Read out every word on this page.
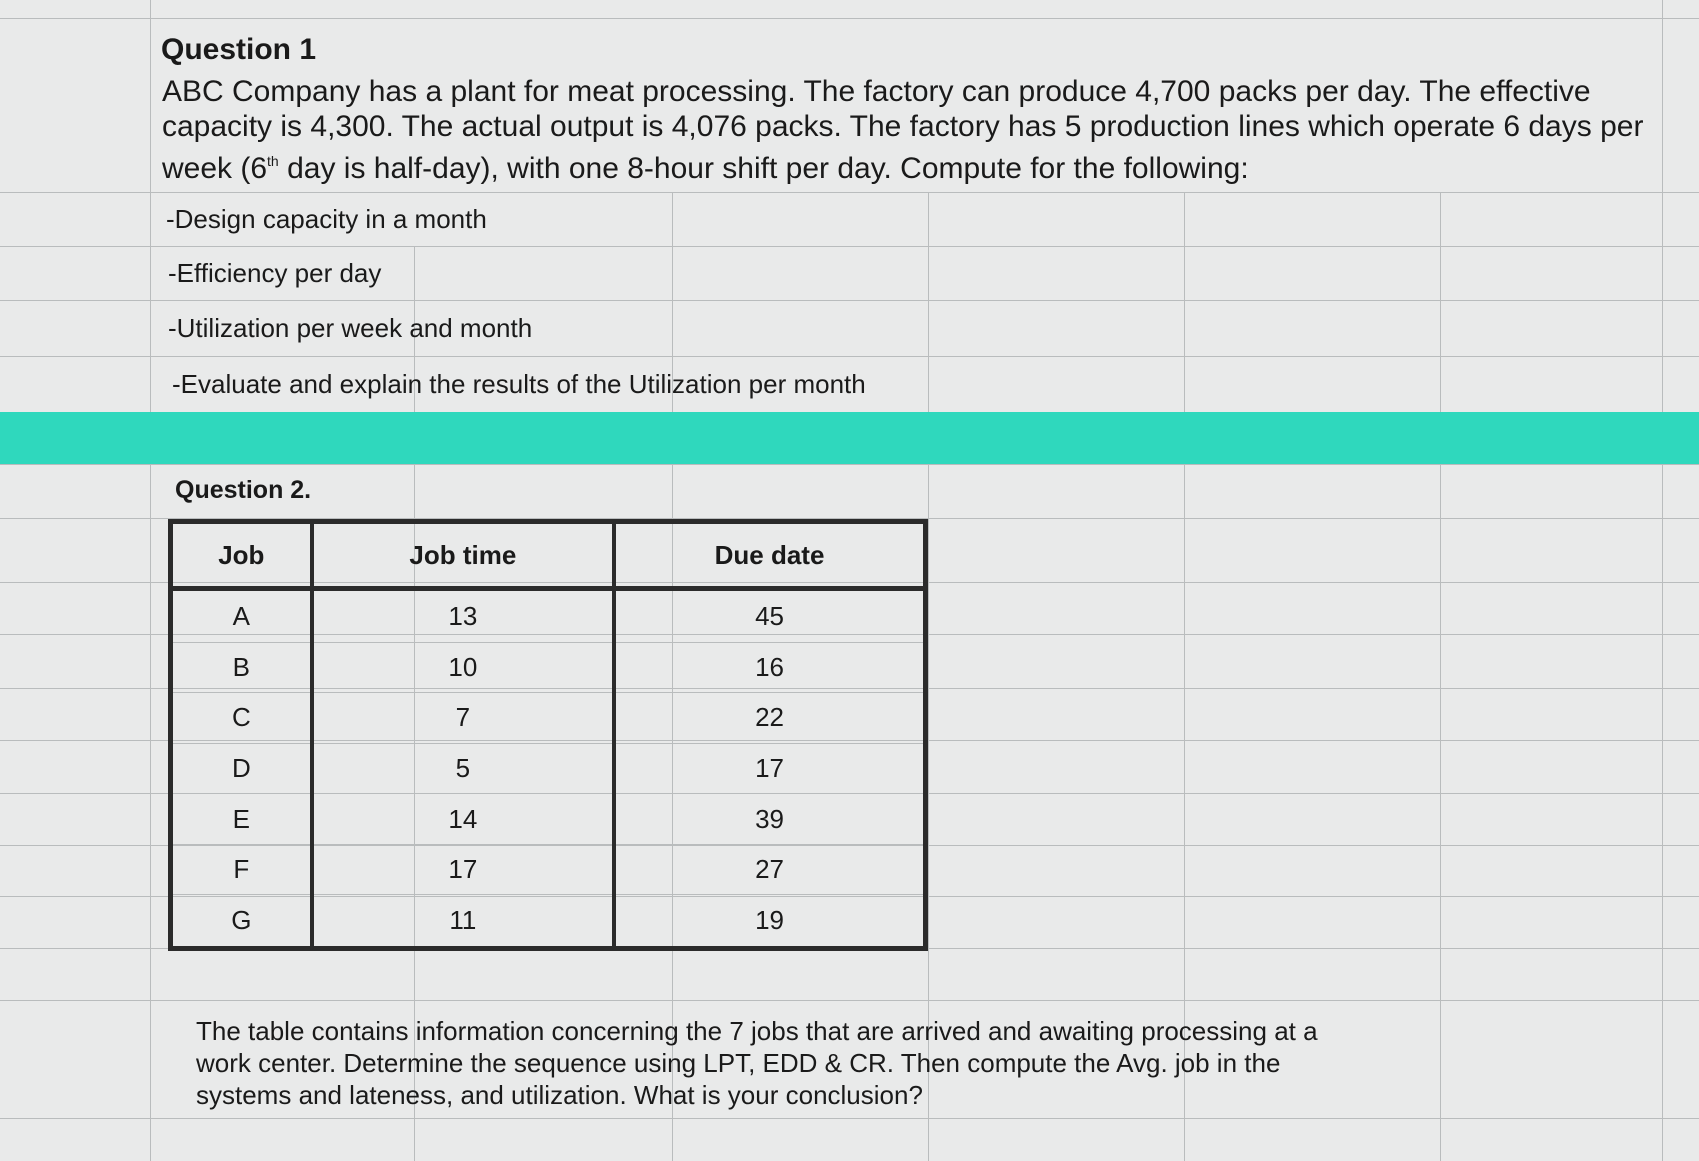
Question 1
ABC Company has a plant for meat processing. The factory can produce 4,700 packs per day. The effective
capacity is 4,300. The actual output is 4,076 packs. The factory has 5 production lines which operate 6 days per
week (6th day is half-day), with one 8-hour shift per day. Compute for the following:
-Design capacity in a month
-Efficiency per day
-Utilization per week and month
-Evaluate and explain the results of the Utilization per month
Question 2.
Job	Job time	Due date
A	13	45
B	10	16
C	7	22
D	5	17
E	14	39
F	17	27
G	11	19
The table contains information concerning the 7 jobs that are arrived and awaiting processing at a
work center. Determine the sequence using LPT, EDD & CR. Then compute the Avg. job in the
systems and lateness, and utilization. What is your conclusion?
